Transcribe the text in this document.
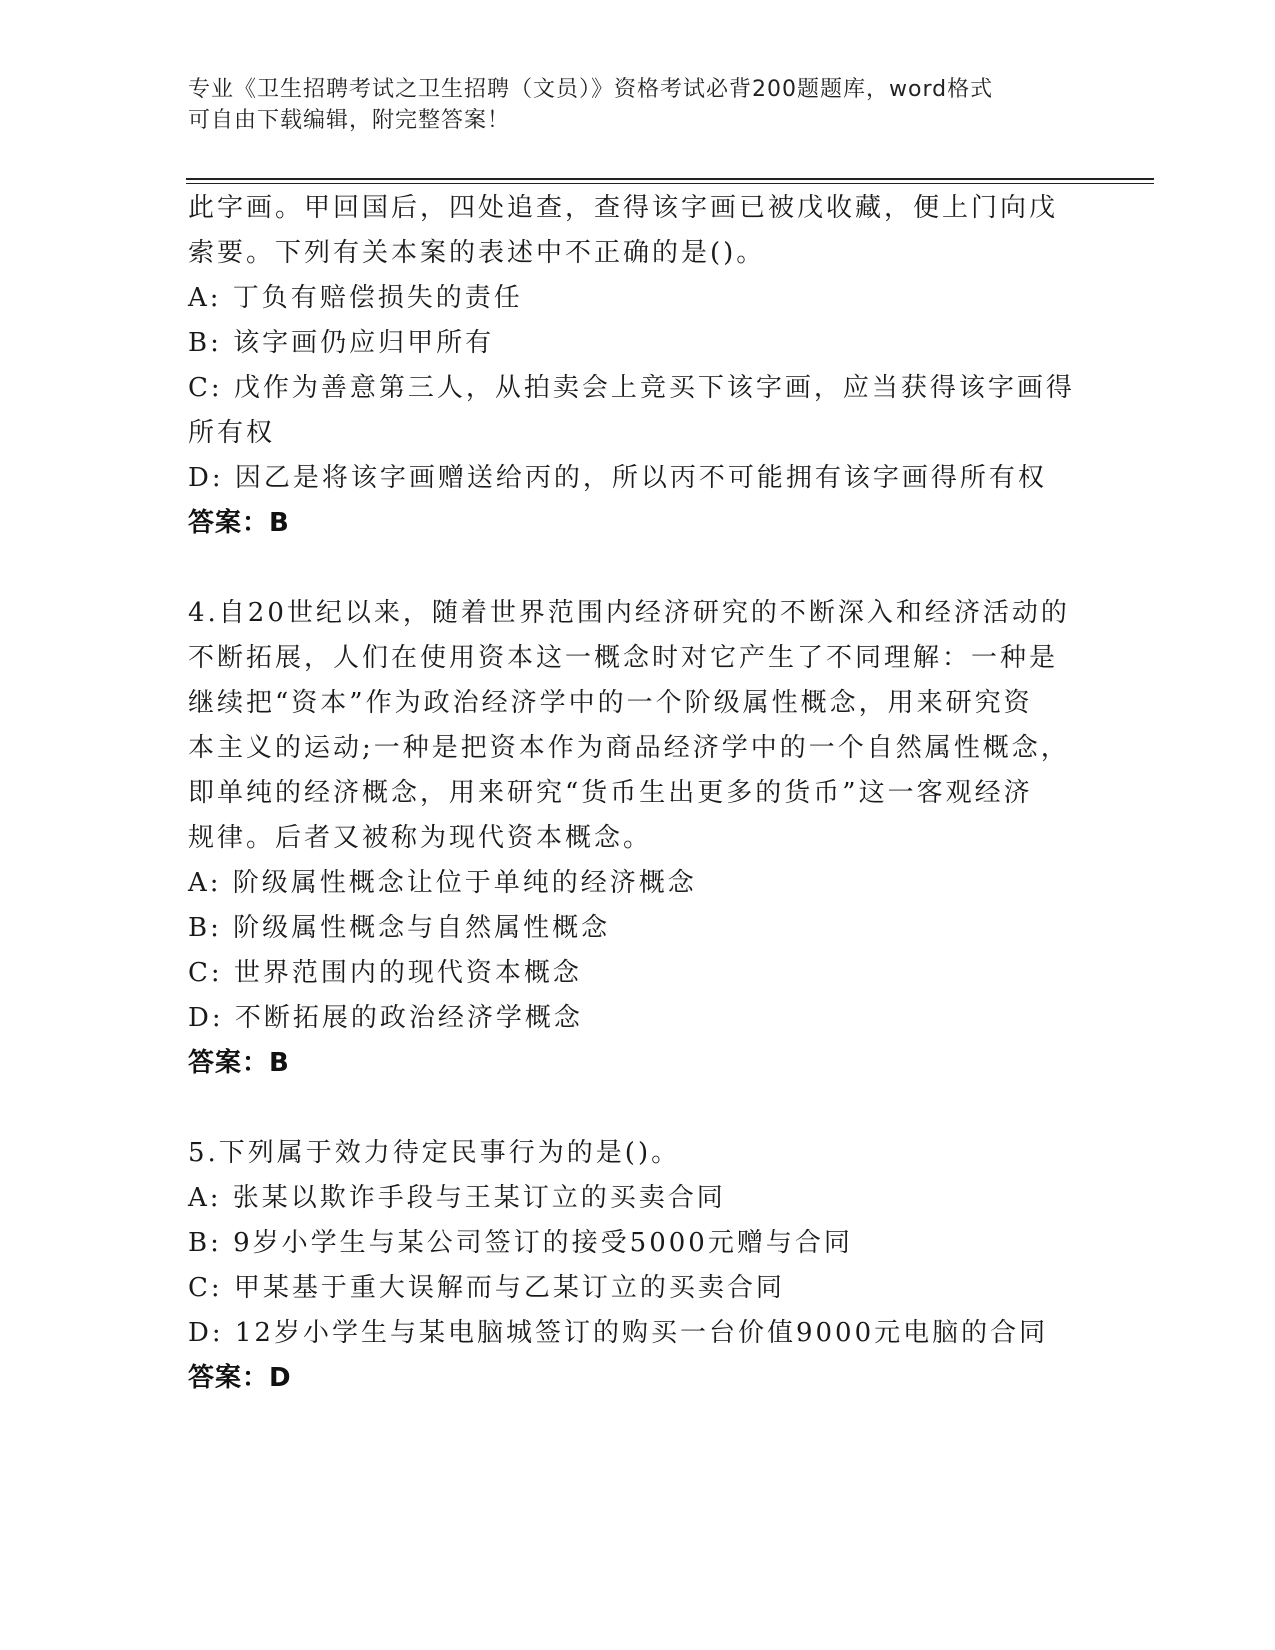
专业《卫生招聘考试之卫生招聘（文员）》资格考试必背200题题库，word格式
可自由下载编辑，附完整答案！
此字画。甲回国后，四处追查，查得该字画已被戊收藏，便上门向戊
索要。下列有关本案的表述中不正确的是()。
A: 丁负有赔偿损失的责任
B: 该字画仍应归甲所有
C: 戊作为善意第三人，从拍卖会上竞买下该字画，应当获得该字画得
所有权
D: 因乙是将该字画赠送给丙的，所以丙不可能拥有该字画得所有权
答案：B
4.自20世纪以来，随着世界范围内经济研究的不断深入和经济活动的
不断拓展，人们在使用资本这一概念时对它产生了不同理解：一种是
继续把“资本”作为政治经济学中的一个阶级属性概念，用来研究资
本主义的运动;一种是把资本作为商品经济学中的一个自然属性概念，
即单纯的经济概念，用来研究“货币生出更多的货币”这一客观经济
规律。后者又被称为现代资本概念。
A: 阶级属性概念让位于单纯的经济概念
B: 阶级属性概念与自然属性概念
C: 世界范围内的现代资本概念
D: 不断拓展的政治经济学概念
答案：B
5.下列属于效力待定民事行为的是()。
A: 张某以欺诈手段与王某订立的买卖合同
B: 9岁小学生与某公司签订的接受5000元赠与合同
C: 甲某基于重大误解而与乙某订立的买卖合同
D: 12岁小学生与某电脑城签订的购买一台价值9000元电脑的合同
答案：D
